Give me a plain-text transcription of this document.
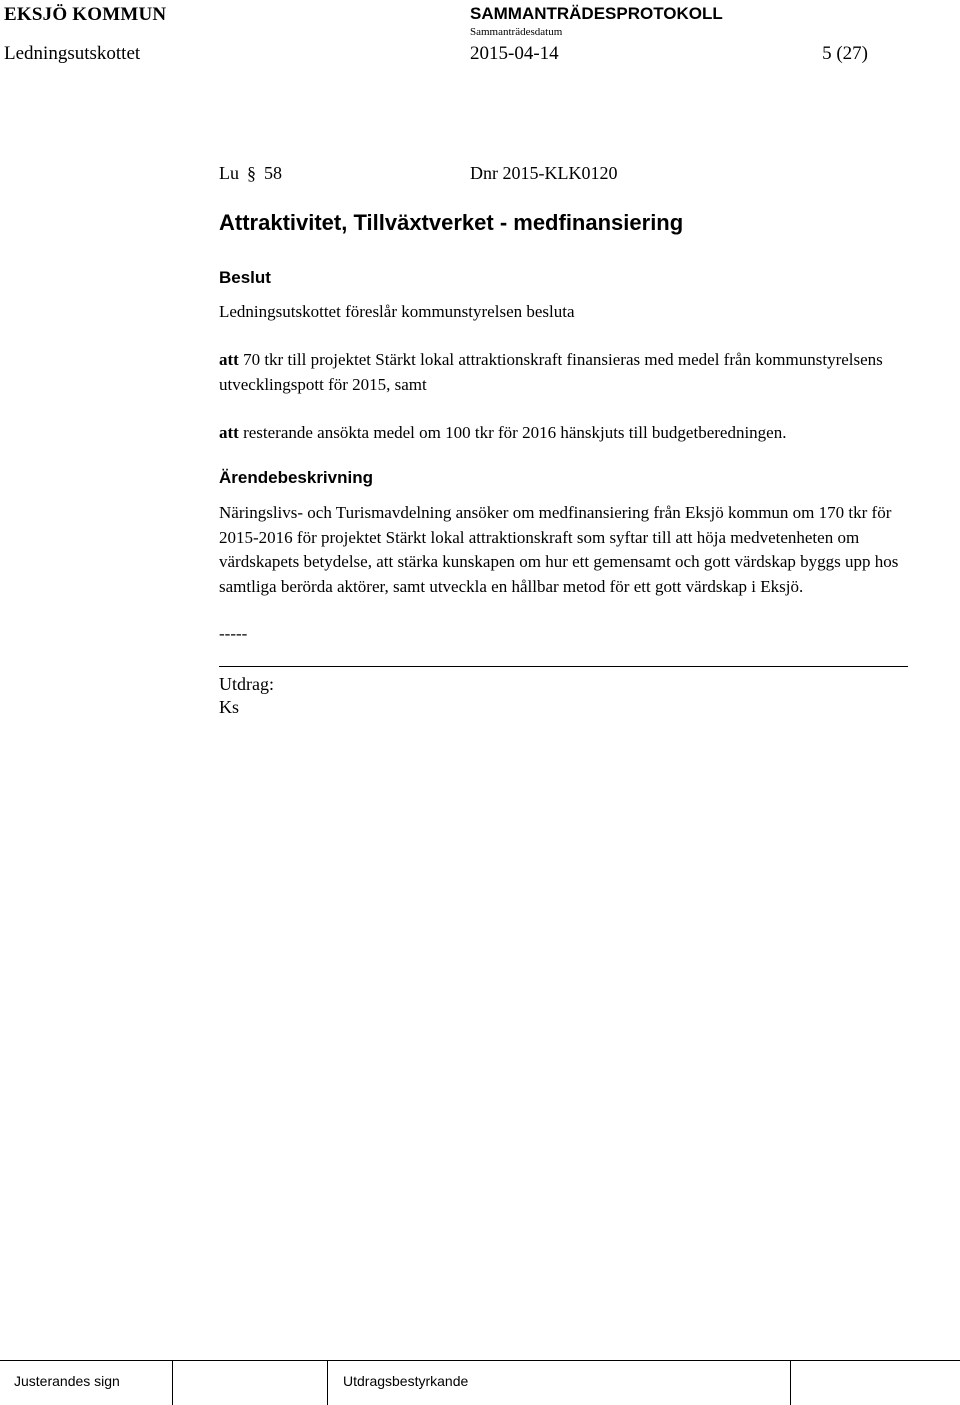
EKSJÖ KOMMUN	SAMMANTRÄDESPROTOKOLL
Sammanträdesdatum
Ledningsutskottet	2015-04-14	5 (27)
Lu § 58	Dnr 2015-KLK0120
Attraktivitet, Tillväxtverket - medfinansiering
Beslut
Ledningsutskottet föreslår kommunstyrelsen besluta
att 70 tkr till projektet Stärkt lokal attraktionskraft finansieras med medel från kommunstyrelsens utvecklingspott för 2015, samt
att resterande ansökta medel om 100 tkr för 2016 hänskjuts till budgetberedningen.
Ärendebeskrivning
Näringslivs- och Turismavdelning ansöker om medfinansiering från Eksjö kommun om 170 tkr för 2015-2016 för projektet Stärkt lokal attraktionskraft som syftar till att höja medvetenheten om värdskapets betydelse, att stärka kunskapen om hur ett gemensamt och gott värdskap byggs upp hos samtliga berörda aktörer, samt utveckla en hållbar metod för ett gott värdskap i Eksjö.
-----
Utdrag:
Ks
Justerandes sign	Utdragsbestyrkande
